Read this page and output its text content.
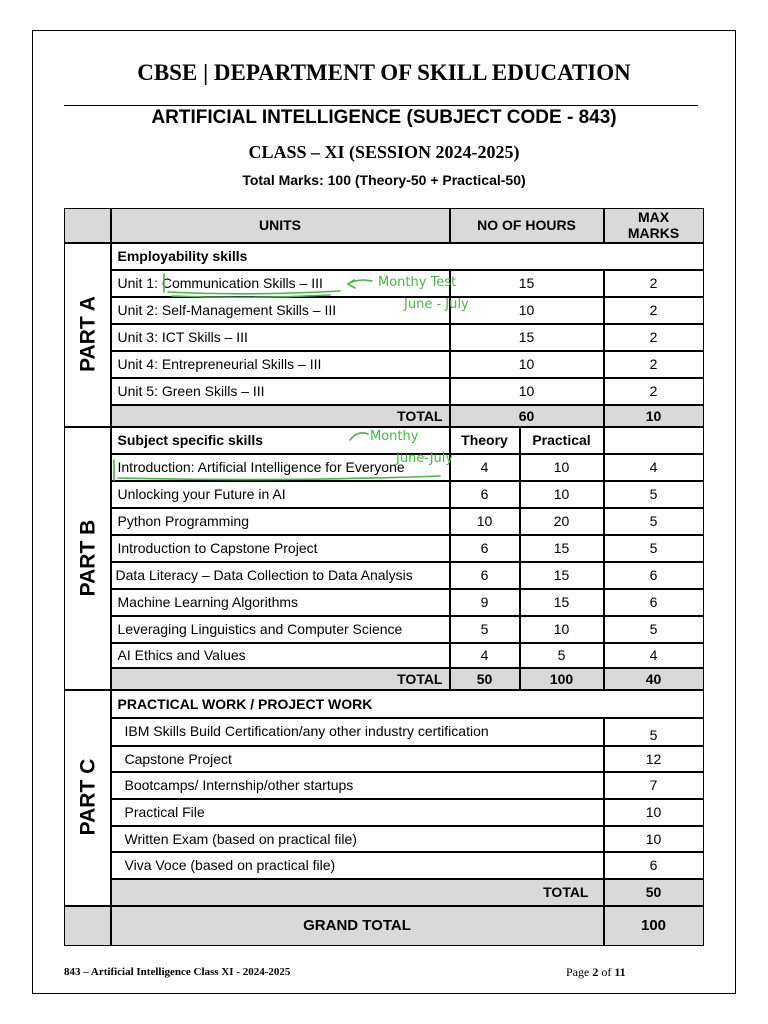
CBSE | DEPARTMENT OF SKILL EDUCATION
ARTIFICIAL INTELLIGENCE (SUBJECT CODE - 843)
CLASS – XI (SESSION 2024-2025)
Total Marks: 100 (Theory-50 + Practical-50)
UNITS	NO OF HOURS	MAX MARKS
PART A
Employability skills
Unit 1: Communication Skills – III	15	2
Unit 2: Self-Management Skills – III	10	2
Unit 3: ICT Skills – III	15	2
Unit 4: Entrepreneurial Skills – III	10	2
Unit 5: Green Skills – III	10	2
TOTAL	60	10
PART B
Subject specific skills	Theory	Practical
Introduction: Artificial Intelligence for Everyone	4	10	4
Unlocking your Future in AI	6	10	5
Python Programming	10	20	5
Introduction to Capstone Project	6	15	5
Data Literacy – Data Collection to Data Analysis	6	15	6
Machine Learning Algorithms	9	15	6
Leveraging Linguistics and Computer Science	5	10	5
AI Ethics and Values	4	5	4
TOTAL	50	100	40
PART C
PRACTICAL WORK / PROJECT WORK
IBM Skills Build Certification/any other industry certification	5
Capstone Project	12
Bootcamps/ Internship/other startups	7
Practical File	10
Written Exam (based on practical file)	10
Viva Voce (based on practical file)	6
TOTAL	50
GRAND TOTAL	100
Monthy Test
June - July
Monthy
June-July
843 – Artificial Intelligence Class XI - 2024-2025	Page 2 of 11
